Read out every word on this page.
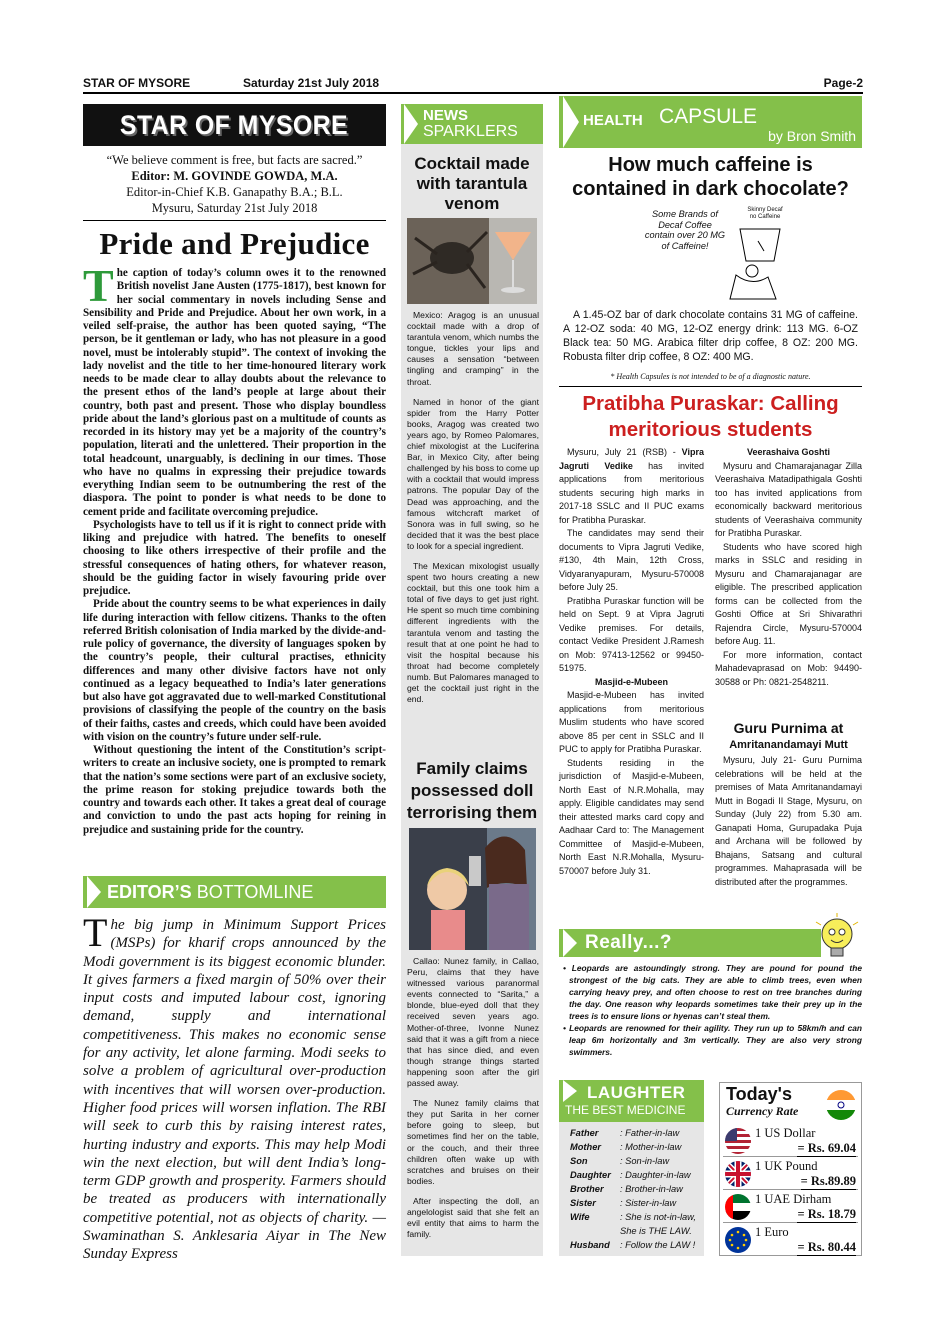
STAR OF MYSORE	Saturday 21st July 2018	Page-2
STAR OF MYSORE
“We believe comment is free, but facts are sacred.”
Editor: M. GOVINDE GOWDA, M.A.
Editor-in-Chief K.B. Ganapathy B.A.; B.L.
Mysuru, Saturday 21st July 2018
Pride and Prejudice

The caption of today’s column owes it to the renowned British novelist Jane Austen (1775-1817), best known for her social commentary in novels including Sense and Sensibility and Pride and Prejudice. About her own work, in a veiled self-praise, the author has been quoted saying, “The person, be it gentleman or lady, who has not pleasure in a good novel, must be intolerably stupid”. The context of invoking the lady novelist and the title to her time-honoured literary work needs to be made clear to allay doubts about the relevance to the present ethos of the land’s people at large about their country, both past and present. Those who display boundless pride about the land’s glorious past on a multitude of counts as recorded in its history may yet be a majority of the country’s population, literati and the unlettered. Their proportion in the total headcount, unarguably, is declining in our times. Those who have no qualms in expressing their prejudice towards everything Indian seem to be outnumbering the rest of the diaspora. The point to ponder is what needs to be done to cement pride and facilitate overcoming prejudice.

Psychologists have to tell us if it is right to connect pride with liking and prejudice with hatred. The benefits to oneself choosing to like others irrespective of their profile and the stressful consequences of hating others, for whatever reason, should be the guiding factor in wisely favouring pride over prejudice.

Pride about the country seems to be what experiences in daily life during interaction with fellow citizens. Thanks to the often referred British colonisation of India marked by the divide-and-rule policy of governance, the diversity of languages spoken by the country’s people, their cultural practises, ethnicity differences and many other divisive factors have not only continued as a legacy bequeathed to India’s later generations but also have got aggravated due to well-marked Constitutional provisions of classifying the people of the country on the basis of their faiths, castes and creeds, which could have been avoided with vision on the country’s future under self-rule.

Without questioning the intent of the Constitution’s script-writers to create an inclusive society, one is prompted to remark that the nation’s some sections were part of an exclusive society, the prime reason for stoking prejudice towards both the country and towards each other. It takes a great deal of courage and conviction to undo the past acts hoping for reining in prejudice and sustaining pride for the country.

EDITOR’S BOTTOMLINE
The big jump in Minimum Support Prices (MSPs) for kharif crops announced by the Modi government is its biggest economic blunder. It gives farmers a fixed margin of 50% over their input costs and imputed labour cost, ignoring demand, supply and international competitiveness. This makes no economic sense for any activity, let alone farming. Modi seeks to solve a problem of agricultural over-production with incentives that will worsen over-production. Higher food prices will worsen inflation. The RBI will seek to curb this by raising interest rates, hurting industry and exports. This may help Modi win the next election, but will dent India’s long-term GDP growth and prosperity. Farmers should be treated as producers with internationally competitive potential, not as objects of charity. — Swaminathan S. Anklesaria Aiyar in The New Sunday Express
NEWS
SPARKLERS
Cocktail made with tarantula venom

Mexico: Aragog is an unusual cocktail made with a drop of tarantula venom, which numbs the tongue, tickles your lips and causes a sensation “between tingling and cramping” in the throat.

Named in honor of the giant spider from the Harry Potter books, Aragog was created two years ago, by Romeo Palomares, chief mixologist at the Luciferina Bar, in Mexico City, after being challenged by his boss to come up with a cocktail that would impress patrons. The popular Day of the Dead was approaching, and the famous witchcraft market of Sonora was in full swing, so he decided that it was the best place to look for a special ingredient.

The Mexican mixologist usually spent two hours creating a new cocktail, but this one took him a total of five days to get just right. He spent so much time combining different ingredients with the tarantula venom and tasting the result that at one point he had to visit the hospital because his throat had become completely numb. But Palomares managed to get the cocktail just right in the end.

Family claims possessed doll terrorising them

Callao: Nunez family, in Callao, Peru, claims that they have witnessed various paranormal events connected to “Sarita,” a blonde, blue-eyed doll that they received seven years ago. Mother-of-three, Ivonne Nunez said that it was a gift from a niece that has since died, and even though strange things started happening soon after the girl passed away.

The Nunez family claims that they put Sarita in her corner before going to sleep, but sometimes find her on the table, or the couch, and their three children often wake up with scratches and bruises on their bodies.

After inspecting the doll, an angelologist said that she felt an evil entity that aims to harm the family.

HEALTH CAPSULE
by Bron Smith
How much caffeine is contained in dark chocolate?
Some Brands of Decaf Coffee contain over 20 MG of Caffeine!
Skinny Decaf no Caffeine
A 1.45-OZ bar of dark chocolate contains 31 MG of caffeine. A 12-OZ soda: 40 MG, 12-OZ energy drink: 113 MG. 6-OZ Black tea: 50 MG. Arabica filter drip coffee, 8 OZ: 200 MG. Robusta filter drip coffee, 8 OZ: 400 MG.
* Health Capsules is not intended to be of a diagnostic nature.
Pratibha Puraskar: Calling meritorious students

Mysuru, July 21 (RSB) - Vipra Jagruti Vedike has invited applications from meritorious students securing high marks in 2017-18 SSLC and II PUC exams for Pratibha Puraskar.

The candidates may send their documents to Vipra Jagruti Vedike, #130, 4th Main, 12th Cross, Vidyaranyapuram, Mysuru-570008 before July 25.

Pratibha Puraskar function will be held on Sept. 9 at Vipra Jagruti Vedike premises. For details, contact Vedike President J.Ramesh on Mob: 97413-12562 or 99450-51975.

Masjid-e-Mubeen

Masjid-e-Mubeen has invited applications from meritorious Muslim students who have scored above 85 per cent in SSLC and II PUC to apply for Pratibha Puraskar.

Students residing in the jurisdiction of Masjid-e-Mubeen, North East of N.R.Mohalla, may apply. Eligible candidates may send their attested marks card copy and Aadhaar Card to: The Management Committee of Masjid-e-Mubeen, North East N.R.Mohalla, Mysuru-570007 before July 31.

Veerashaiva Goshti

Mysuru and Chamarajanagar Zilla Veerashaiva Matadipathigala Goshti too has invited applications from economically backward meritorious students of Veerashaiva community for Pratibha Puraskar.

Students who have scored high marks in SSLC and residing in Mysuru and Chamarajanagar are eligible. The prescribed application forms can be collected from the Goshti Office at Sri Shivarathri Rajendra Circle, Mysuru-570004 before Aug. 11.

For more information, contact Mahadevaprasad on Mob: 94490-30588 or Ph: 0821-2548211.

Guru Purnima at
Amritanandamayi Mutt

Mysuru, July 21- Guru Purnima celebrations will be held at the premises of Mata Amritanandamayi Mutt in Bogadi II Stage, Mysuru, on Sunday (July 22) from 5.30 am. Ganapati Homa, Gurupadaka Puja and Archana will be followed by Bhajans, Satsang and cultural programmes. Mahaprasada will be distributed after the programmes.

Really...?

• Leopards are astoundingly strong. They are pound for pound the strongest of the big cats. They are able to climb trees, even when carrying heavy prey, and often choose to rest on tree branches during the day. One reason why leopards sometimes take their prey up in the trees is to ensure lions or hyenas can’t steal them.

• Leopards are renowned for their agility. They run up to 58km/h and can leap 6m horizontally and 3m vertically. They are also very strong swimmers.

LAUGHTER
THE BEST MEDICINE
Father	: Father-in-law
Mother	: Mother-in-law
Son	: Son-in-law
Daughter : Daughter-in-law
Brother	: Brother-in-law
Sister	: Sister-in-law
Wife	: She is not-in-law,
She is THE LAW.
Husband	: Follow the LAW !
Today's
Currency Rate
1 US Dollar
= Rs. 69.04
1 UK Pound
= Rs.89.89
1 UAE Dirham
= Rs. 18.79
1 Euro
= Rs. 80.44
